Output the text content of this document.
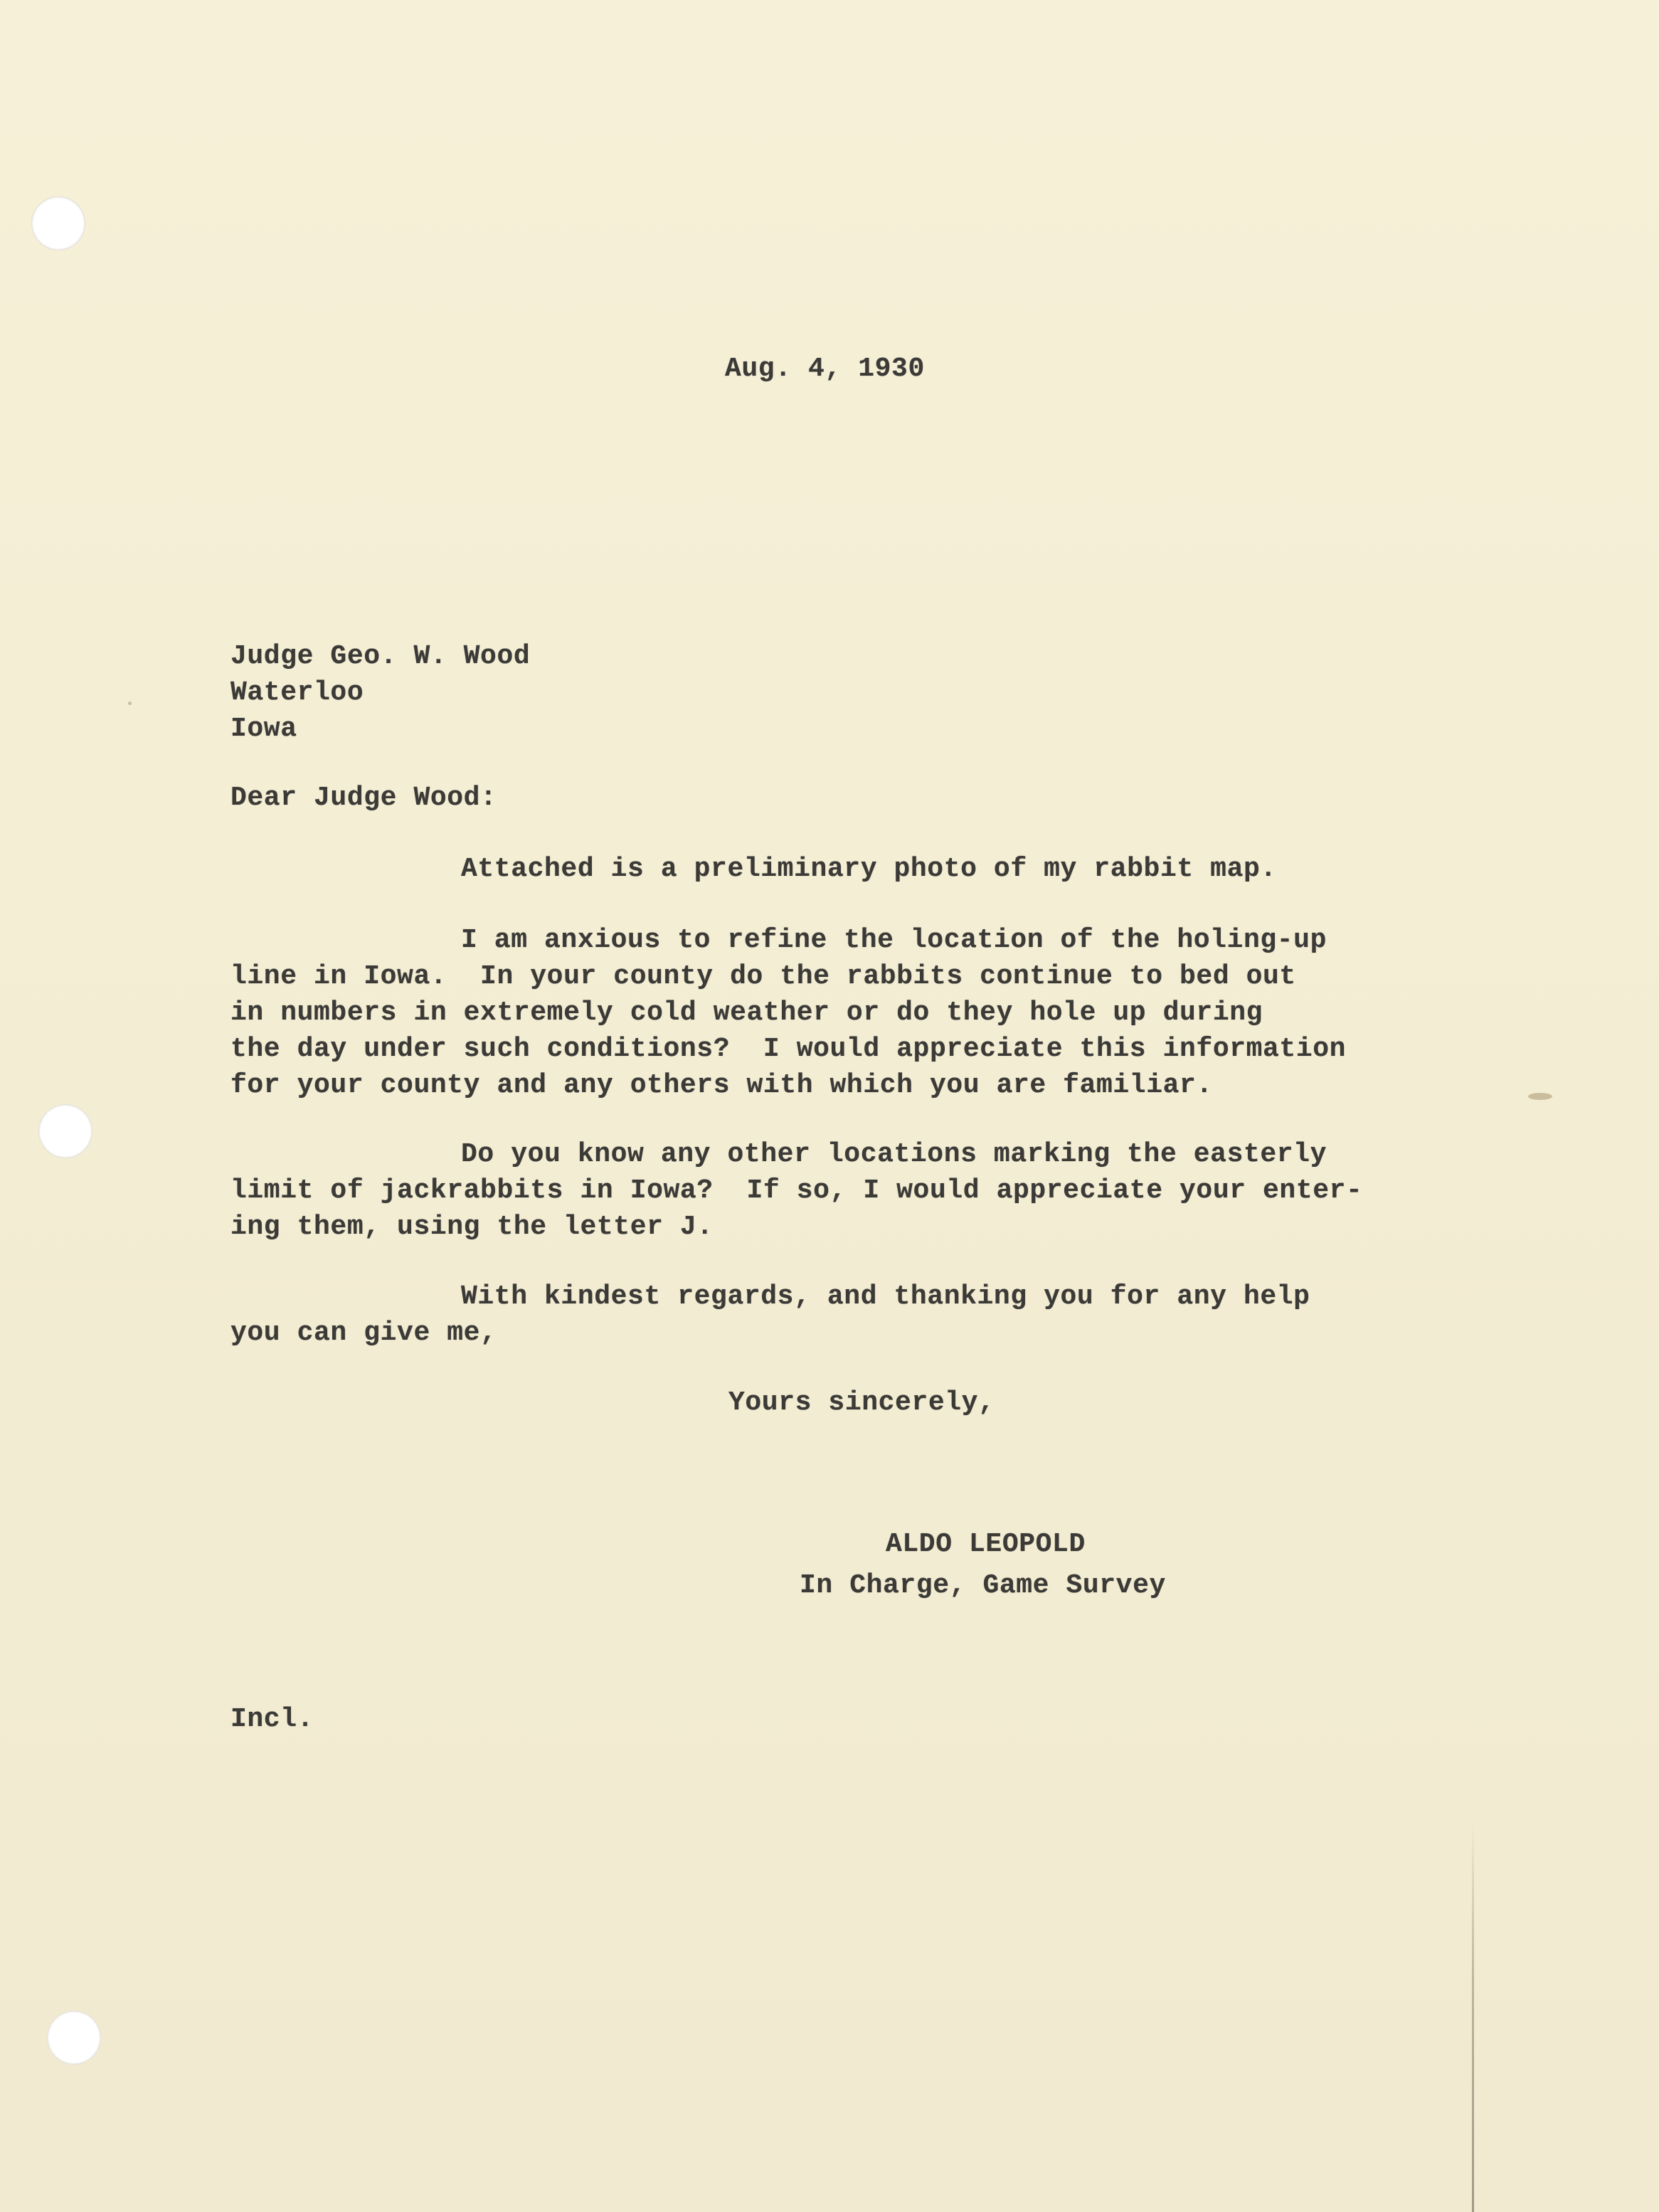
Aug. 4, 1930

Judge Geo. W. Wood

Waterloo

Iowa

Dear Judge Wood:

Attached is a preliminary photo of my rabbit map.

I am anxious to refine the location of the holing-up

line in Iowa.  In your county do the rabbits continue to bed out

in numbers in extremely cold weather or do they hole up during

the day under such conditions?  I would appreciate this information

for your county and any others with which you are familiar.

Do you know any other locations marking the easterly

limit of jackrabbits in Iowa?  If so, I would appreciate your enter-

ing them, using the letter J.

With kindest regards, and thanking you for any help

you can give me,

Yours sincerely,

ALDO LEOPOLD

In Charge, Game Survey

Incl.
